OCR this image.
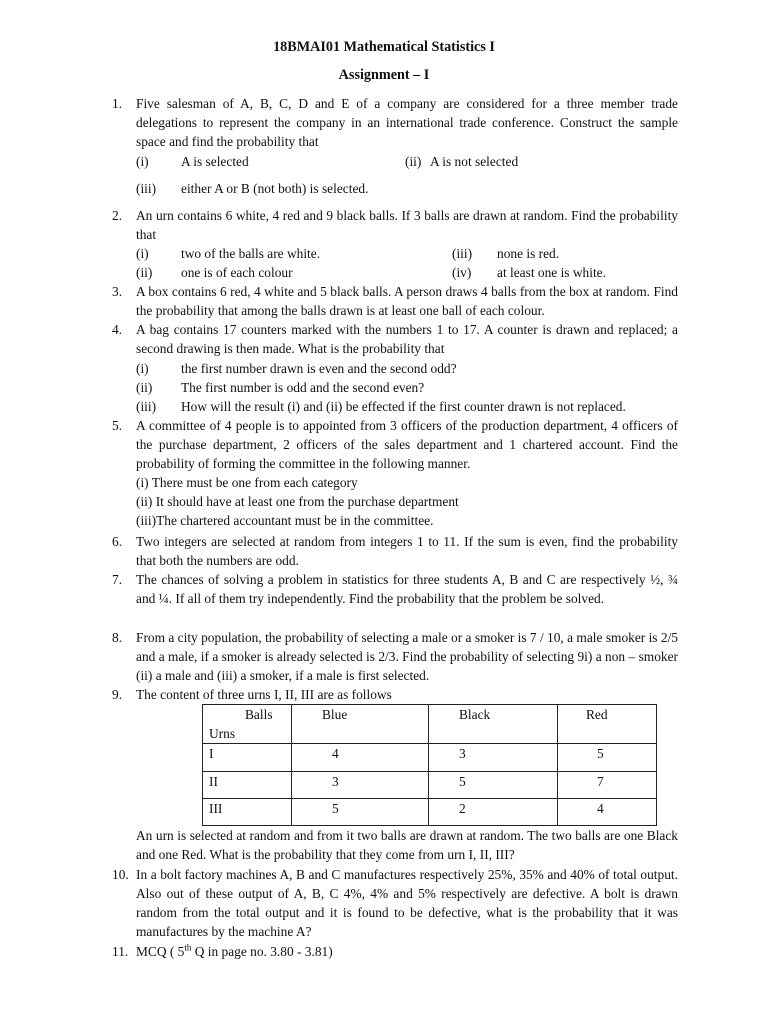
18BMAI01 Mathematical Statistics I
Assignment – I
1. Five salesman of A, B, C, D and E of a company are considered for a three member trade delegations to represent the company in an international trade conference. Construct the sample space and find the probability that
(i) A is selected	(ii) A is not selected
(iii) either A or B (not both) is selected.
2. An urn contains 6 white, 4 red and 9 black balls. If 3 balls are drawn at random. Find the probability that
(i) two of the balls are white.	(iii) none is red.
(ii) one is of each colour	(iv) at least one is white.
3. A box contains 6 red, 4 white and 5 black balls. A person draws 4 balls from the box at random. Find the probability that among the balls drawn is at least one ball of each colour.
4. A bag contains 17 counters marked with the numbers 1 to 17. A counter is drawn and replaced; a second drawing is then made. What is the probability that
(i) the first number drawn is even and the second odd?
(ii) The first number is odd and the second even?
(iii) How will the result (i) and (ii) be effected if the first counter drawn is not replaced.
5. A committee of 4 people is to appointed from 3 officers of the production department, 4 officers of the purchase department, 2 officers of the sales department and 1 chartered account. Find the probability of forming the committee in the following manner.
(i) There must be one from each category
(ii) It should have at least one from the purchase department
(iii)The chartered accountant must be in the committee.
6. Two integers are selected at random from integers 1 to 11. If the sum is even, find the probability that both the numbers are odd.
7. The chances of solving a problem in statistics for three students A, B and C are respectively ½, ¾ and ¼. If all of them try independently. Find the probability that the problem be solved.
8. From a city population, the probability of selecting a male or a smoker is 7 / 10, a male smoker is 2/5 and a male, if a smoker is already selected is 2/3. Find the probability of selecting 9i) a non – smoker (ii) a male and (iii) a smoker, if a male is first selected.
9. The content of three urns I, II, III are as follows
Balls
Urns	Blue	Black	Red
I	4	3	5
II	3	5	7
III	5	2	4
An urn is selected at random and from it two balls are drawn at random. The two balls are one Black and one Red. What is the probability that they come from urn I, II, III?
10. In a bolt factory machines A, B and C manufactures respectively 25%, 35% and 40% of total output. Also out of these output of A, B, C 4%, 4% and 5% respectively are defective. A bolt is drawn random from the total output and it is found to be defective, what is the probability that it was manufactures by the machine A?
11. MCQ ( 5th Q in page no. 3.80 - 3.81)
